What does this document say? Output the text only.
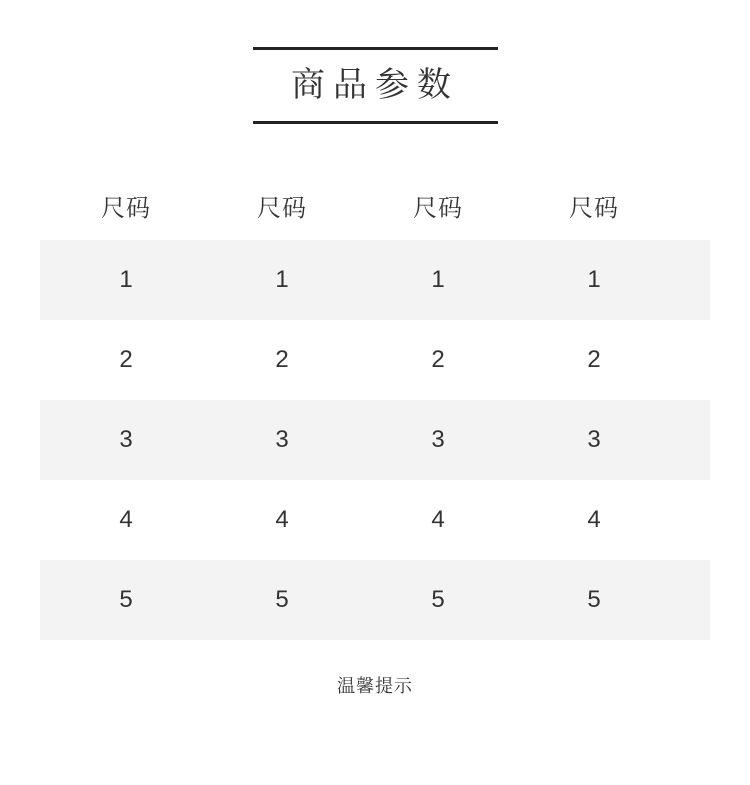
商品参数
尺码	尺码	尺码	尺码
1	1	1	1
2	2	2	2
3	3	3	3
4	4	4	4
5	5	5	5
温馨提示
